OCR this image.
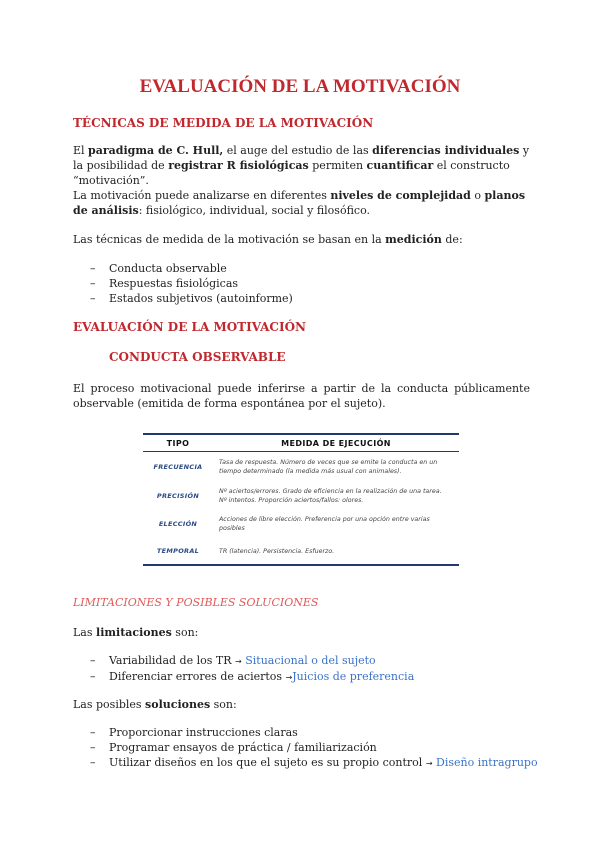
EVALUACIÓN DE LA MOTIVACIÓN
TÉCNICAS DE MEDIDA DE LA MOTIVACIÓN

El paradigma de C. Hull, el auge del estudio de las diferencias individuales y la posibilidad de registrar R fisiológicas permiten cuantificar el constructo “motivación”.

La motivación puede analizarse en diferentes niveles de complejidad o planos de análisis: fisiológico, individual, social y filosófico.

Las técnicas de medida de la motivación se basan en la medición de:

– Conducta observable
– Respuestas fisiológicas
– Estados subjetivos (autoinforme)
EVALUACIÓN DE LA MOTIVACIÓN
CONDUCTA OBSERVABLE

El proceso motivacional puede inferirse a partir de la conducta públicamente observable (emitida de forma espontánea por el sujeto).

TIPO	MEDIDA DE EJECUCIÓN
FRECUENCIA	Tasa de respuesta. Número de veces que se emite la conducta en un tiempo determinado (la medida más usual con animales).
PRECISIÓN	Nº aciertos/errores. Grado de eficiencia en la realización de una tarea. Nº intentos. Proporción aciertos/fallos: olores.
ELECCIÓN	Acciones de libre elección. Preferencia por una opción entre varias posibles
TEMPORAL	TR (latencia). Persistencia. Esfuerzo.
LIMITACIONES Y POSIBLES SOLUCIONES

Las limitaciones son:

– Variabilidad de los TR → Situacional o del sujeto
– Diferenciar errores de aciertos →Juicios de preferencia

Las posibles soluciones son:

– Proporcionar instrucciones claras
– Programar ensayos de práctica / familiarización
– Utilizar diseños en los que el sujeto es su propio control → Diseño intragrupo
